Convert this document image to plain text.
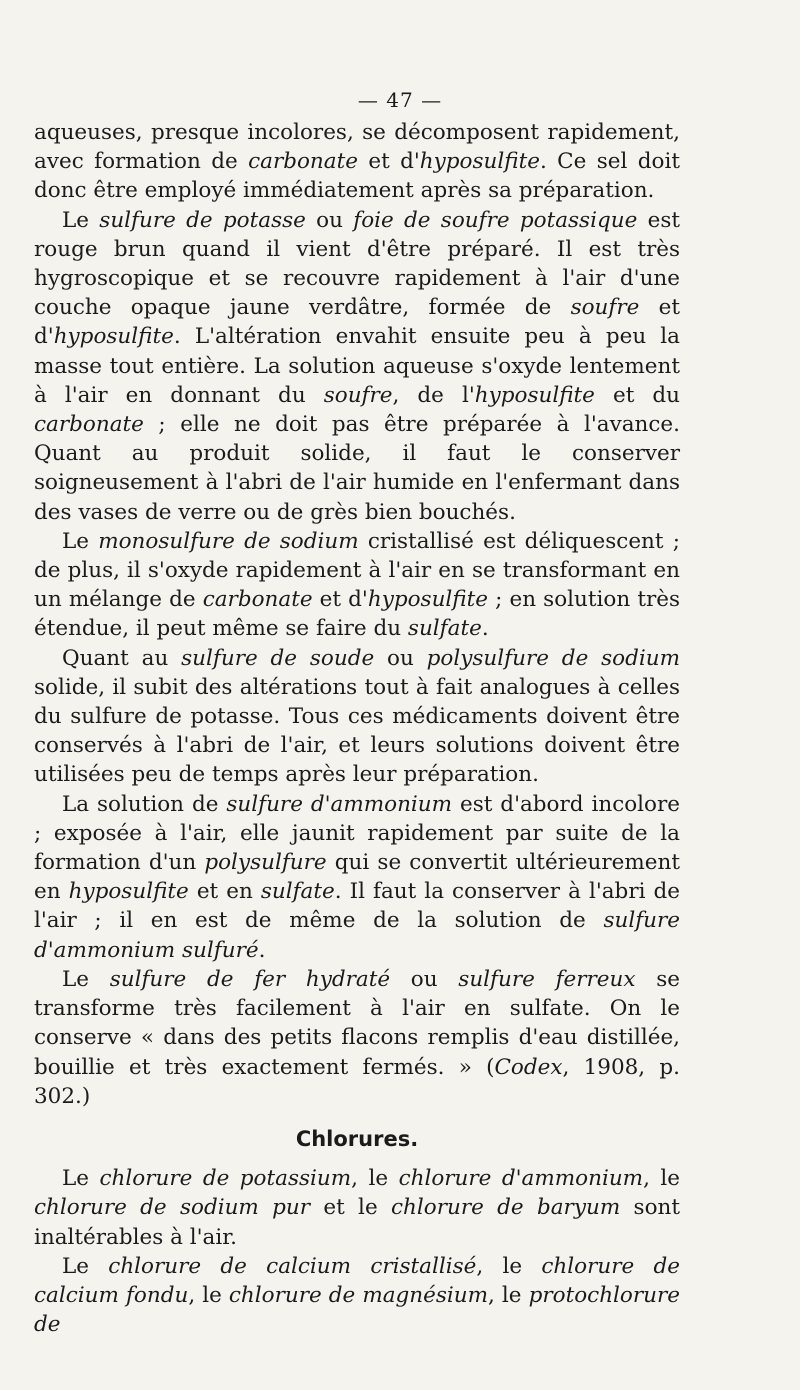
— 47 —

aqueuses, presque incolores, se décomposent rapidement, avec formation de carbonate et d'hyposulfite. Ce sel doit donc être employé immédiatement après sa préparation.

Le sulfure de potasse ou foie de soufre potassique est rouge brun quand il vient d'être préparé. Il est très hygroscopique et se recouvre rapidement à l'air d'une couche opaque jaune verdâtre, formée de soufre et d'hyposulfite. L'altération envahit ensuite peu à peu la masse tout entière. La solution aqueuse s'oxyde lentement à l'air en donnant du soufre, de l'hyposulfite et du carbonate ; elle ne doit pas être préparée à l'avance. Quant au produit solide, il faut le conserver soigneusement à l'abri de l'air humide en l'enfermant dans des vases de verre ou de grès bien bouchés.

Le monosulfure de sodium cristallisé est déliquescent ; de plus, il s'oxyde rapidement à l'air en se transformant en un mélange de carbonate et d'hyposulfite ; en solution très étendue, il peut même se faire du sulfate.

Quant au sulfure de soude ou polysulfure de sodium solide, il subit des altérations tout à fait analogues à celles du sulfure de potasse. Tous ces médicaments doivent être conservés à l'abri de l'air, et leurs solutions doivent être utilisées peu de temps après leur préparation.

La solution de sulfure d'ammonium est d'abord incolore ; exposée à l'air, elle jaunit rapidement par suite de la formation d'un polysulfure qui se convertit ultérieurement en hyposulfite et en sulfate. Il faut la conserver à l'abri de l'air ; il en est de même de la solution de sulfure d'ammonium sulfuré.

Le sulfure de fer hydraté ou sulfure ferreux se transforme très facilement à l'air en sulfate. On le conserve « dans des petits flacons remplis d'eau distillée, bouillie et très exactement fermés. » (Codex, 1908, p. 302.)

Chlorures.

Le chlorure de potassium, le chlorure d'ammonium, le chlorure de sodium pur et le chlorure de baryum sont inaltérables à l'air.

Le chlorure de calcium cristallisé, le chlorure de calcium fondu, le chlorure de magnésium, le protochlorure de
